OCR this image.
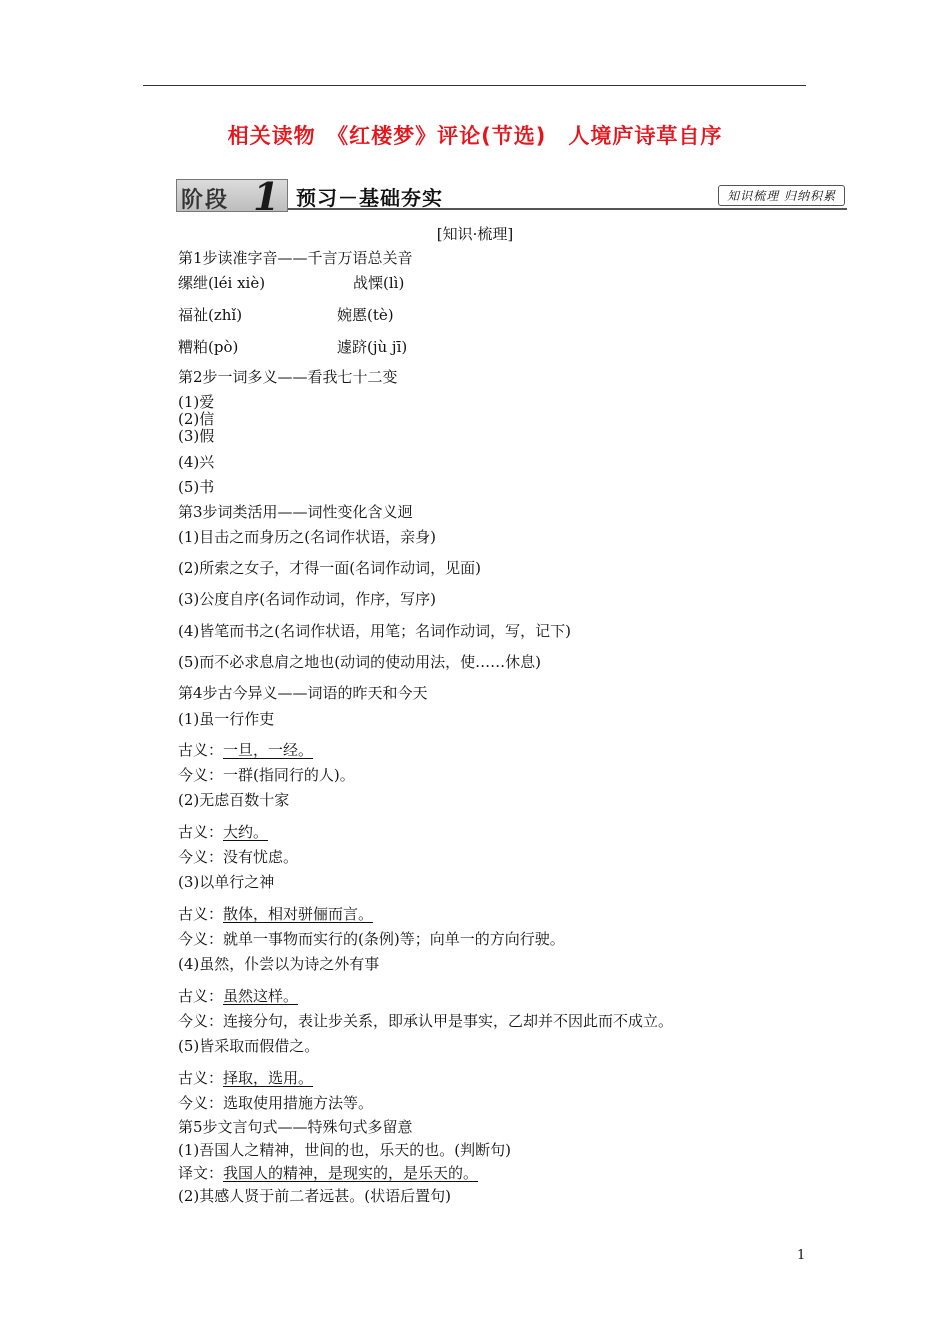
相关读物　《红楼梦》评论(节选)　人境庐诗草自序
阶段 1 预习－基础夯实	知识梳理 归纳积累
[知识·梳理]
第1步读准字音——千言万语总关音
缧绁(léi xiè)	战慄(lì)
福祉(zhǐ)	婉慝(tè)
糟粕(pò)	遽跻(jù jī)
第2步一词多义——看我七十二变
(1)爱
(2)信
(3)假
(4)兴
(5)书
第3步词类活用——词性变化含义迥
(1)目击之而身历之(名词作状语，亲身)
(2)所索之女子，才得一面(名词作动词，见面)
(3)公度自序(名词作动词，作序，写序)
(4)皆笔而书之(名词作状语，用笔；名词作动词，写，记下)
(5)而不必求息肩之地也(动词的使动用法，使……休息)
第4步古今异义——词语的昨天和今天
(1)虽一行作吏
古义：一旦，一经。
今义：一群(指同行的人)。
(2)无虑百数十家
古义：大约。
今义：没有忧虑。
(3)以单行之神
古义：散体，相对骈俪而言。
今义：就单一事物而实行的(条例)等；向单一的方向行驶。
(4)虽然，仆尝以为诗之外有事
古义：虽然这样。
今义：连接分句，表让步关系，即承认甲是事实，乙却并不因此而不成立。
(5)皆采取而假借之。
古义：择取，选用。
今义：选取使用措施方法等。
第5步文言句式——特殊句式多留意
(1)吾国人之精神，世间的也，乐天的也。(判断句)
译文：我国人的精神，是现实的，是乐天的。
(2)其感人贤于前二者远甚。(状语后置句)
1
